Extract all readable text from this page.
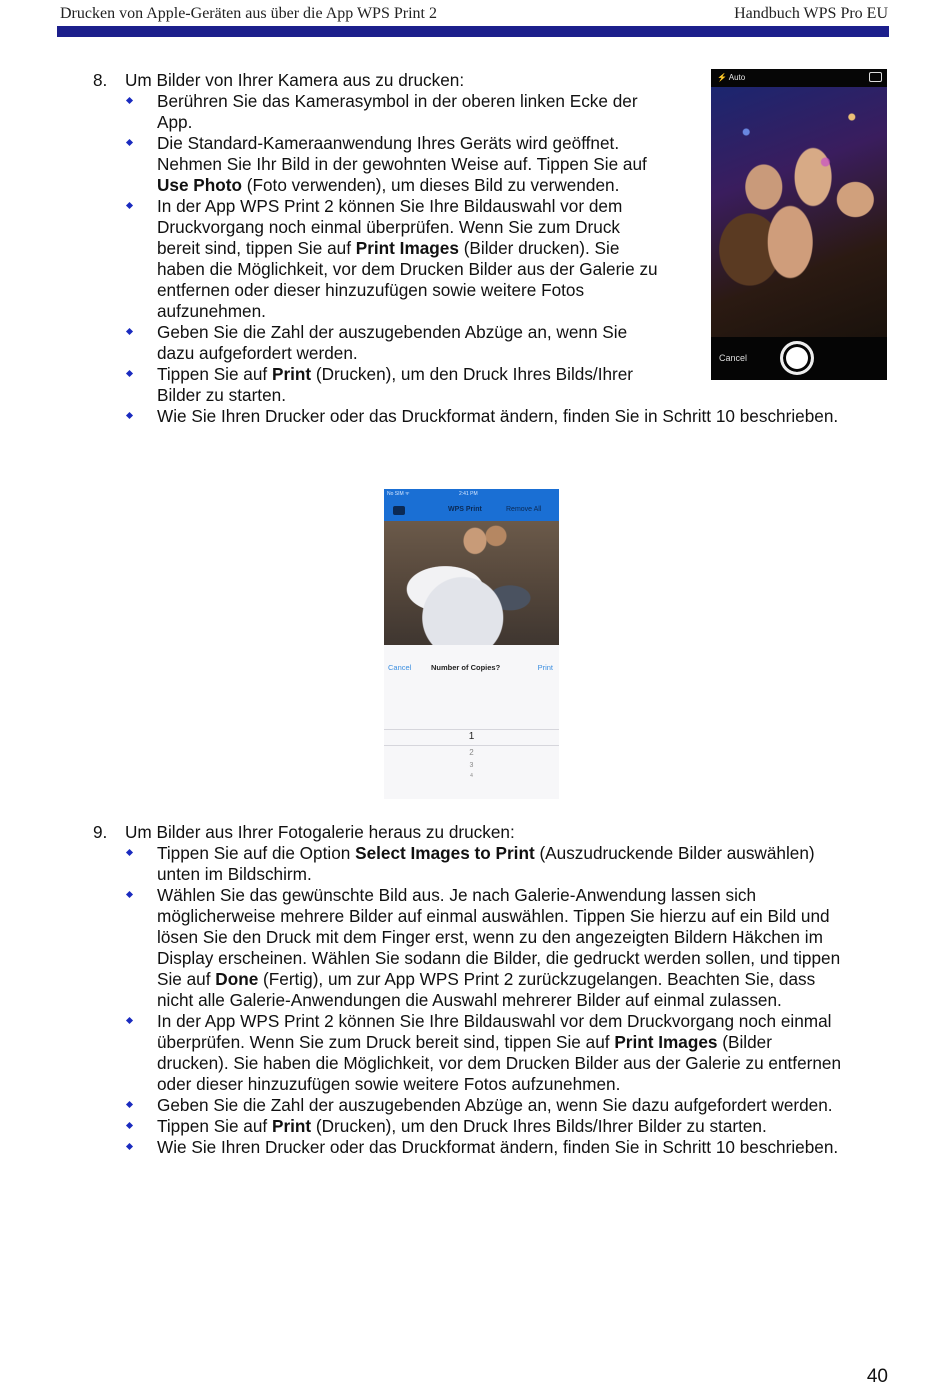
Drucken von Apple-Geräten aus über die App WPS Print 2	Handbuch WPS Pro EU
8. Um Bilder von Ihrer Kamera aus zu drucken:
Berühren Sie das Kamerasymbol in der oberen linken Ecke der
App.
Die Standard-Kameraanwendung Ihres Geräts wird geöffnet.
Nehmen Sie Ihr Bild in der gewohnten Weise auf. Tippen Sie auf
Use Photo (Foto verwenden), um dieses Bild zu verwenden.
In der App WPS Print 2 können Sie Ihre Bildauswahl vor dem
Druckvorgang noch einmal überprüfen. Wenn Sie zum Druck
bereit sind, tippen Sie auf Print Images (Bilder drucken). Sie
haben die Möglichkeit, vor dem Drucken Bilder aus der Galerie zu
entfernen oder dieser hinzuzufügen sowie weitere Fotos
aufzunehmen.
Geben Sie die Zahl der auszugebenden Abzüge an, wenn Sie
dazu aufgefordert werden.
Tippen Sie auf Print (Drucken), um den Druck Ihres Bilds/Ihrer
Bilder zu starten.
Wie Sie Ihren Drucker oder das Druckformat ändern, finden Sie in Schritt 10 beschrieben.
⚡ Auto
Cancel
No SIM ᯤ	2:41 PM
WPS Print	Remove All
Cancel	Number of Copies?	Print
1
2
3
4
9. Um Bilder aus Ihrer Fotogalerie heraus zu drucken:
Tippen Sie auf die Option Select Images to Print (Auszudruckende Bilder auswählen)
unten im Bildschirm.
Wählen Sie das gewünschte Bild aus. Je nach Galerie-Anwendung lassen sich
möglicherweise mehrere Bilder auf einmal auswählen. Tippen Sie hierzu auf ein Bild und
lösen Sie den Druck mit dem Finger erst, wenn zu den angezeigten Bildern Häkchen im
Display erscheinen. Wählen Sie sodann die Bilder, die gedruckt werden sollen, und tippen
Sie auf Done (Fertig), um zur App WPS Print 2 zurückzugelangen. Beachten Sie, dass
nicht alle Galerie-Anwendungen die Auswahl mehrerer Bilder auf einmal zulassen.
In der App WPS Print 2 können Sie Ihre Bildauswahl vor dem Druckvorgang noch einmal
überprüfen. Wenn Sie zum Druck bereit sind, tippen Sie auf Print Images (Bilder
drucken). Sie haben die Möglichkeit, vor dem Drucken Bilder aus der Galerie zu entfernen
oder dieser hinzuzufügen sowie weitere Fotos aufzunehmen.
Geben Sie die Zahl der auszugebenden Abzüge an, wenn Sie dazu aufgefordert werden.
Tippen Sie auf Print (Drucken), um den Druck Ihres Bilds/Ihrer Bilder zu starten.
Wie Sie Ihren Drucker oder das Druckformat ändern, finden Sie in Schritt 10 beschrieben.
40
